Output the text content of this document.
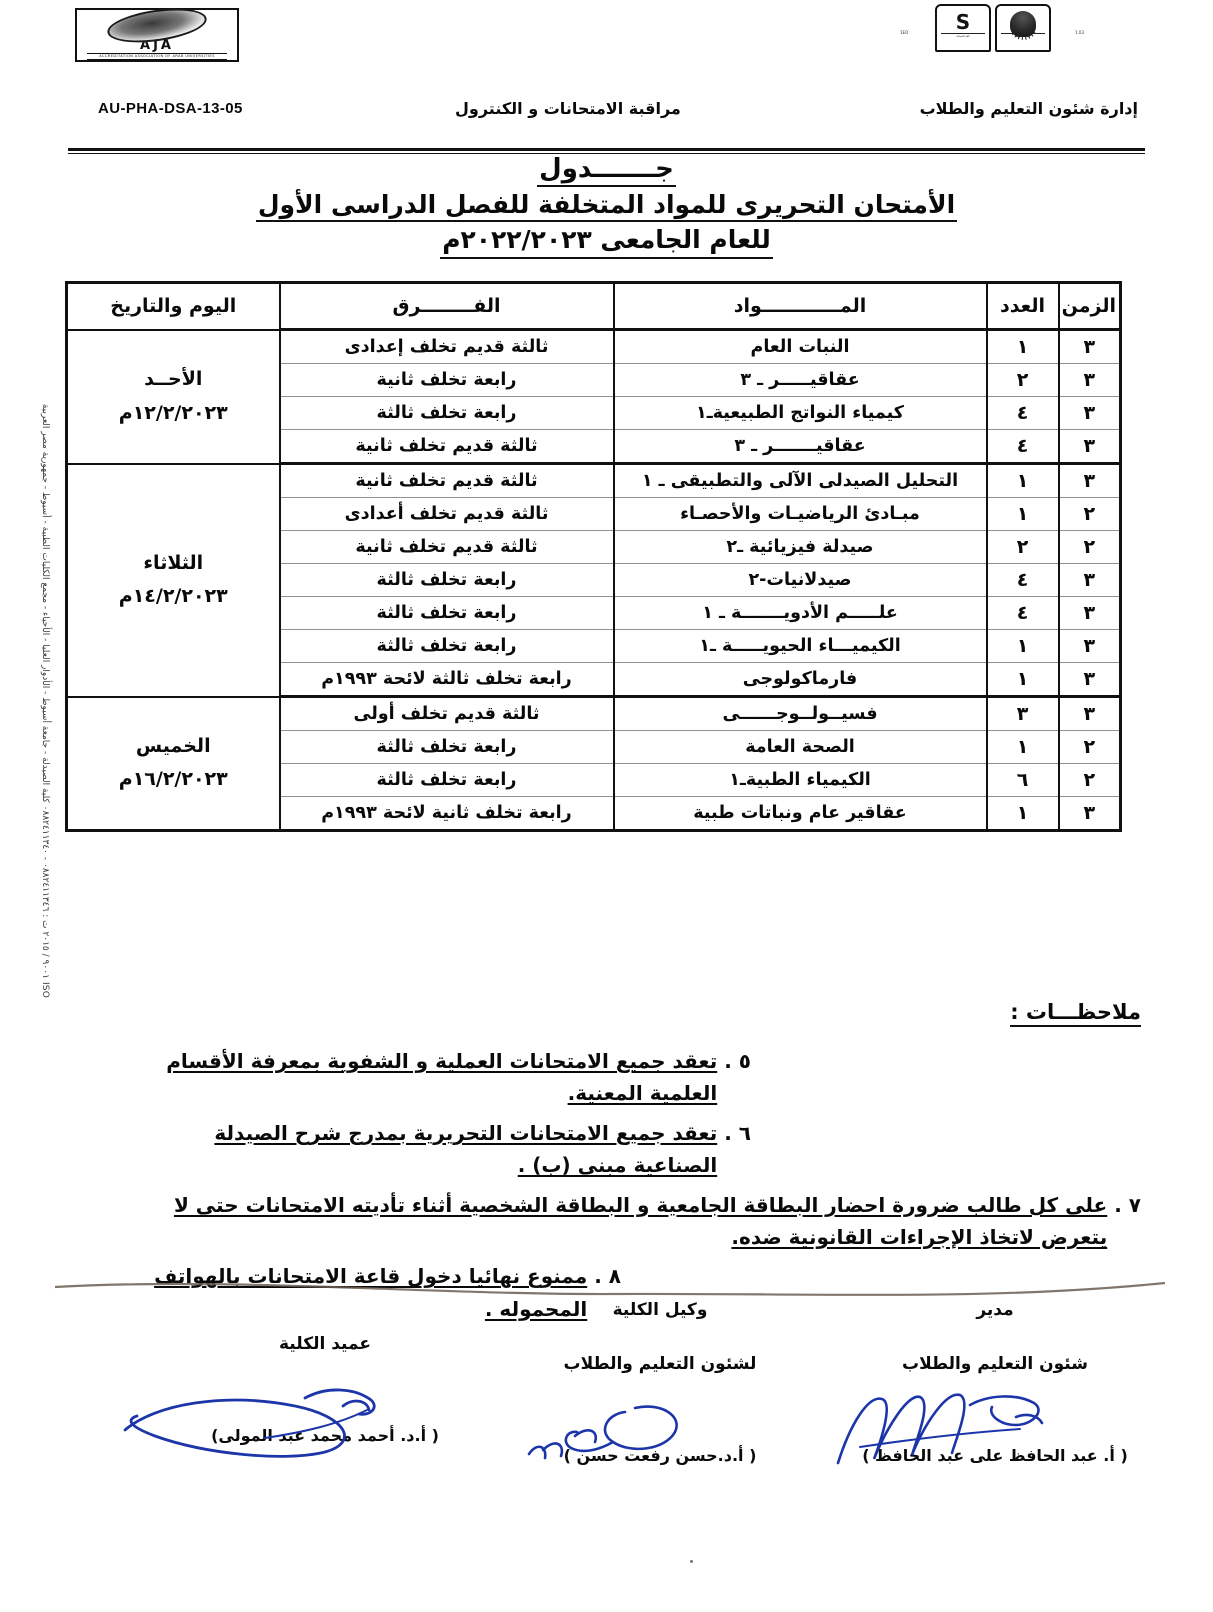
AJA
ACCREDITATION ASSOCIATION OF ARAB UNIVERSITIES
جامعة أسيوط
S
كلية الصيدلة
1EO	1.03
AU-PHA-DSA-13-05	مراقبة الامتحانات و الكنترول	إدارة شئون التعليم والطلاب
جـــــــدول
الأمتحان التحريرى للمواد المتخلفة للفصل الدراسى الأول
للعام الجامعى ٢٠٢٢/٢٠٢٣م
ISO ٩٠٠١ / ٢٠١٥ ت : ٠٨٨٢٤١١٣٤٦ - ٠٨٨٢٤١١٣٤٠ كلية الصيدلة - جامعة أسيوط - الأدوار العليا - الأحياء - مجمع الكليات الطبية - أسيوط - جمهورية مصر العربية
الزمن	العدد	المــــــــــــواد	الفــــــــرق	اليوم والتاريخ
٣	١	النبات العام	ثالثة قديم تخلف إعدادى	الأحــد
١٢/٢/٢٠٢٣م

٣	٢	عقاقيـــــر ـ ٣	رابعة تخلف ثانية	
٣	٤	كيمياء النواتج الطبيعيةـ١	رابعة تخلف ثالثة	
٣	٤	عقاقيـــــــر ـ ٣	ثالثة قديم تخلف ثانية	
٣	١	التحليل الصيدلى الآلى والتطبيقى ـ ١	ثالثة قديم تخلف ثانية	الثلاثاء
١٤/٢/٢٠٢٣م

٢	١	مبـادئ الرياضيـات والأحصـاء	ثالثة قديم تخلف أعدادى	
٢	٢	صيدلة فيزيائية ـ٢	ثالثة قديم تخلف ثانية	
٣	٤	صيدلانيات-٢	رابعة تخلف ثالثة	
٣	٤	علـــــم الأدويـــــــة ـ ١	رابعة تخلف ثالثة	
٣	١	الكيميـــاء الحيويـــــة ـ١	رابعة تخلف ثالثة	
٣	١	فارماكولوجى	رابعة تخلف ثالثة لائحة ١٩٩٣م	
٣	٣	فسيــولــوجــــــى	ثالثة قديم تخلف أولى	الخميس
١٦/٢/٢٠٢٣م

٢	١	الصحة العامة	رابعة تخلف ثالثة	
٢	٦	الكيمياء الطبيةـ١	رابعة تخلف ثالثة	
٣	١	عقاقير عام ونباتات طبية	رابعة تخلف ثانية لائحة ١٩٩٣م	
ملاحظـــات :
٥ .
تعقد جميع الامتحانات العملية و الشفوية بمعرفة الأقسام العلمية المعنية.
٦ .
تعقد جميع الامتحانات التحريرية بمدرج شرح الصيدلة الصناعية مبنى (ب) .
٧ .
على كل طالب ضرورة احضار البطاقة الجامعية و البطاقة الشخصية أثناء تأديته الامتحانات حتى لا يتعرض لاتخاذ الإجراءات القانونية ضده.
٨ .
ممنوع نهائيا دخول قاعة الامتحانات بالهواتف المحموله .	مدير
شئون التعليم والطلاب
( أ. عبد الحافظ على عبد الحافظ )
وكيل الكلية
لشئون التعليم والطلاب
( أ.د.حسن رفعت حسن )
عميد الكلية
( أ.د. أحمد محمد عبد المولى)
